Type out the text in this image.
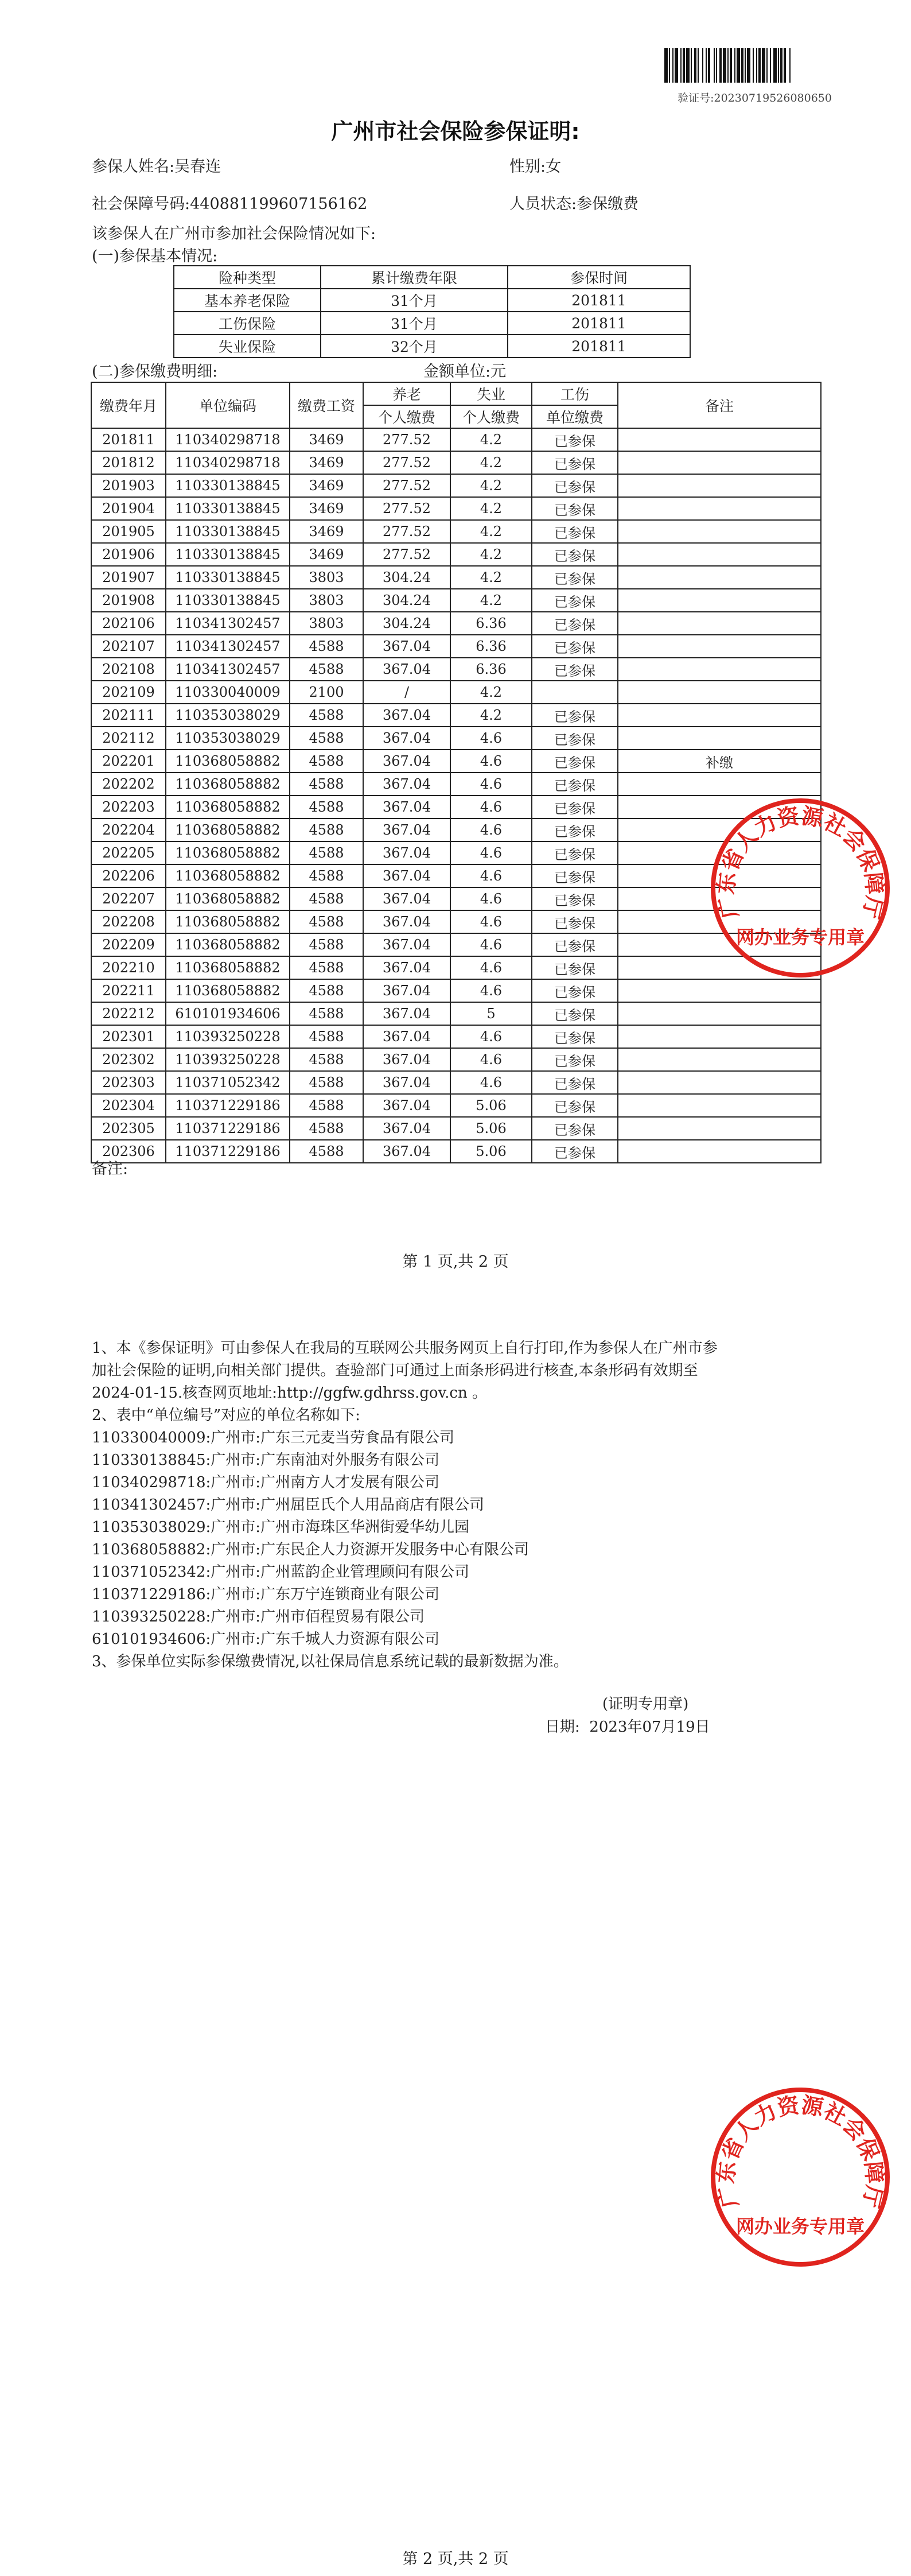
验证号:20230719526080650
广州市社会保险参保证明:
参保人姓名:吴春连	性别:女
社会保障号码:440881199607156162	人员状态:参保缴费
该参保人在广州市参加社会保险情况如下:
(一)参保基本情况:
险种类型	累计缴费年限	参保时间
基本养老保险	31个月	201811
工伤保险	31个月	201811
失业保险	32个月	201811
(二)参保缴费明细:	金额单位:元
缴费年月	单位编码	缴费工资	养老	失业	工伤	备注
			个人缴费	个人缴费	单位缴费	
201811	110340298718	3469	277.52	4.2	已参保	
201812	110340298718	3469	277.52	4.2	已参保	
201903	110330138845	3469	277.52	4.2	已参保	
201904	110330138845	3469	277.52	4.2	已参保	
201905	110330138845	3469	277.52	4.2	已参保	
201906	110330138845	3469	277.52	4.2	已参保	
201907	110330138845	3803	304.24	4.2	已参保	
201908	110330138845	3803	304.24	4.2	已参保	
202106	110341302457	3803	304.24	6.36	已参保	
202107	110341302457	4588	367.04	6.36	已参保	
202108	110341302457	4588	367.04	6.36	已参保	
202109	110330040009	2100	/	4.2		
202111	110353038029	4588	367.04	4.2	已参保	
202112	110353038029	4588	367.04	4.6	已参保	
202201	110368058882	4588	367.04	4.6	已参保	补缴
202202	110368058882	4588	367.04	4.6	已参保	
202203	110368058882	4588	367.04	4.6	已参保	
202204	110368058882	4588	367.04	4.6	已参保	
202205	110368058882	4588	367.04	4.6	已参保	
202206	110368058882	4588	367.04	4.6	已参保	
202207	110368058882	4588	367.04	4.6	已参保	
202208	110368058882	4588	367.04	4.6	已参保	
202209	110368058882	4588	367.04	4.6	已参保	
202210	110368058882	4588	367.04	4.6	已参保	
202211	110368058882	4588	367.04	4.6	已参保	
202212	610101934606	4588	367.04	5	已参保	
202301	110393250228	4588	367.04	4.6	已参保	
202302	110393250228	4588	367.04	4.6	已参保	
202303	110371052342	4588	367.04	4.6	已参保	
202304	110371229186	4588	367.04	5.06	已参保	
202305	110371229186	4588	367.04	5.06	已参保	
202306	110371229186	4588	367.04	5.06	已参保	
备注:
第 1 页,共 2 页
广东省人力资源社会保障厅
网办业务专用章
1、本《参保证明》可由参保人在我局的互联网公共服务网页上自行打印,作为参保人在广州市参
加社会保险的证明,向相关部门提供。查验部门可通过上面条形码进行核查,本条形码有效期至
2024-01-15.核查网页地址:http://ggfw.gdhrss.gov.cn 。
2、表中“单位编号”对应的单位名称如下:
110330040009:广州市:广东三元麦当劳食品有限公司
110330138845:广州市:广东南油对外服务有限公司
110340298718:广州市:广州南方人才发展有限公司
110341302457:广州市:广州屈臣氏个人用品商店有限公司
110353038029:广州市:广州市海珠区华洲街爱华幼儿园
110368058882:广州市:广东民企人力资源开发服务中心有限公司
110371052342:广州市:广州蓝韵企业管理顾问有限公司
110371229186:广州市:广东万宁连锁商业有限公司
110393250228:广州市:广州市佰程贸易有限公司
610101934606:广州市:广东千城人力资源有限公司
3、参保单位实际参保缴费情况,以社保局信息系统记载的最新数据为准。
(证明专用章)
日期: 2023年07月19日
广东省人力资源社会保障厅
网办业务专用章
第 2 页,共 2 页
